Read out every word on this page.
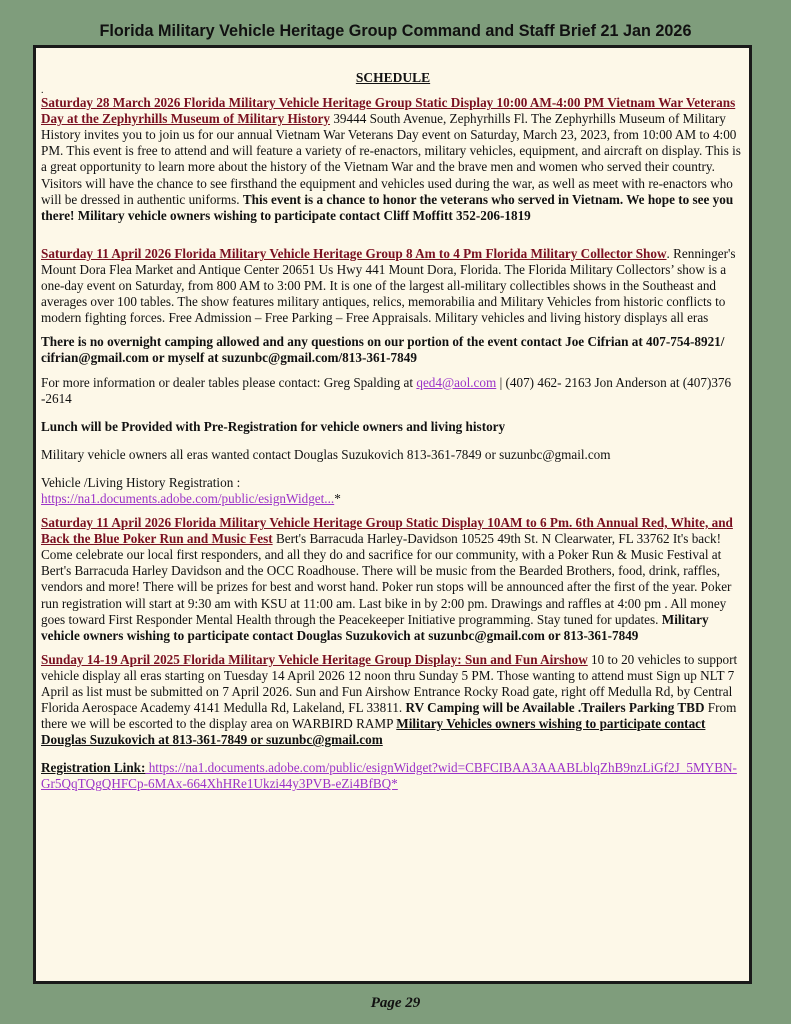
Florida Military Vehicle Heritage Group Command and Staff Brief 21 Jan 2026
SCHEDULE
.

Saturday 28 March 2026 Florida Military Vehicle Heritage Group Static Display 10:00 AM-4:00 PM Vietnam War Veterans Day at the Zephyrhills Museum of Military History 39444 South Avenue, Zephyrhills Fl. The Zephyrhills Museum of Military History invites you to join us for our annual Vietnam War Veterans Day event on Saturday, March 23, 2023, from 10:00 AM to 4:00 PM. This event is free to attend and will feature a variety of re-enactors, military vehicles, equipment, and aircraft on display. This is a great opportunity to learn more about the history of the Vietnam War and the brave men and women who served their country. Visitors will have the chance to see firsthand the equipment and vehicles used during the war, as well as meet with re-enactors who will be dressed in authentic uniforms. This event is a chance to honor the veterans who served in Vietnam. We hope to see you there! Military vehicle owners wishing to participate contact Cliff Moffitt 352-206-1819

Saturday 11 April 2026 Florida Military Vehicle Heritage Group 8 Am to 4 Pm Florida Military Collector Show. Renninger's Mount Dora Flea Market and Antique Center 20651 Us Hwy 441 Mount Dora, Florida. The Florida Military Collectors’ show is a one-day event on Saturday, from 800 AM to 3:00 PM. It is one of the largest all-military collectibles shows in the Southeast and averages over 100 tables. The show features military antiques, relics, memorabilia and Military Vehicles from historic conflicts to modern fighting forces. Free Admission – Free Parking – Free Appraisals. Military vehicles and living history displays all eras

There is no overnight camping allowed and any questions on our portion of the event contact Joe Cifrian at 407-754-8921/ cifrian@gmail.com or myself at suzunbc@gmail.com/813-361-7849

For more information or dealer tables please contact: Greg Spalding at qed4@aol.com | (407) 462- 2163 Jon Anderson at (407)376 -2614

Lunch will be Provided with Pre-Registration for vehicle owners and living history

Military vehicle owners all eras wanted contact Douglas Suzukovich 813-361-7849 or suzunbc@gmail.com

Vehicle /Living History Registration :

https://na1.documents.adobe.com/public/esignWidget...*

Saturday 11 April 2026 Florida Military Vehicle Heritage Group Static Display 10AM to 6 Pm. 6th Annual Red, White, and Back the Blue Poker Run and Music Fest Bert's Barracuda Harley-Davidson 10525 49th St. N Clearwater, FL 33762 It's back! Come celebrate our local first responders, and all they do and sacrifice for our community, with a Poker Run & Music Festival at Bert's Barracuda Harley Davidson and the OCC Roadhouse. There will be music from the Bearded Brothers, food, drink, raffles, vendors and more! There will be prizes for best and worst hand. Poker run stops will be announced after the first of the year. Poker run registration will start at 9:30 am with KSU at 11:00 am. Last bike in by 2:00 pm. Drawings and raffles at 4:00 pm . All money goes toward First Responder Mental Health through the Peacekeeper Initiative programming. Stay tuned for updates. Military vehicle owners wishing to participate contact Douglas Suzukovich at suzunbc@gmail.com or 813-361-7849

Sunday 14-19 April 2025 Florida Military Vehicle Heritage Group Display: Sun and Fun Airshow 10 to 20 vehicles to support vehicle display all eras starting on Tuesday 14 April 2026 12 noon thru Sunday 5 PM. Those wanting to attend must Sign up NLT 7 April as list must be submitted on 7 April 2026. Sun and Fun Airshow Entrance Rocky Road gate, right off Medulla Rd, by Central Florida Aerospace Academy 4141 Medulla Rd, Lakeland, FL 33811. RV Camping will be Available .Trailers Parking TBD From there we will be escorted to the display area on WARBIRD RAMP Military Vehicles owners wishing to participate contact Douglas Suzukovich at 813-361-7849 or suzunbc@gmail.com

Registration Link: https://na1.documents.adobe.com/public/esignWidget?wid=CBFCIBAA3AAABLblqZhB9nzLiGf2J_5MYBN-Gr5QqTQgQHFCp-6MAx-664XhHRe1Ukzi44y3PVB-eZi4BfBQ*

Page 29
